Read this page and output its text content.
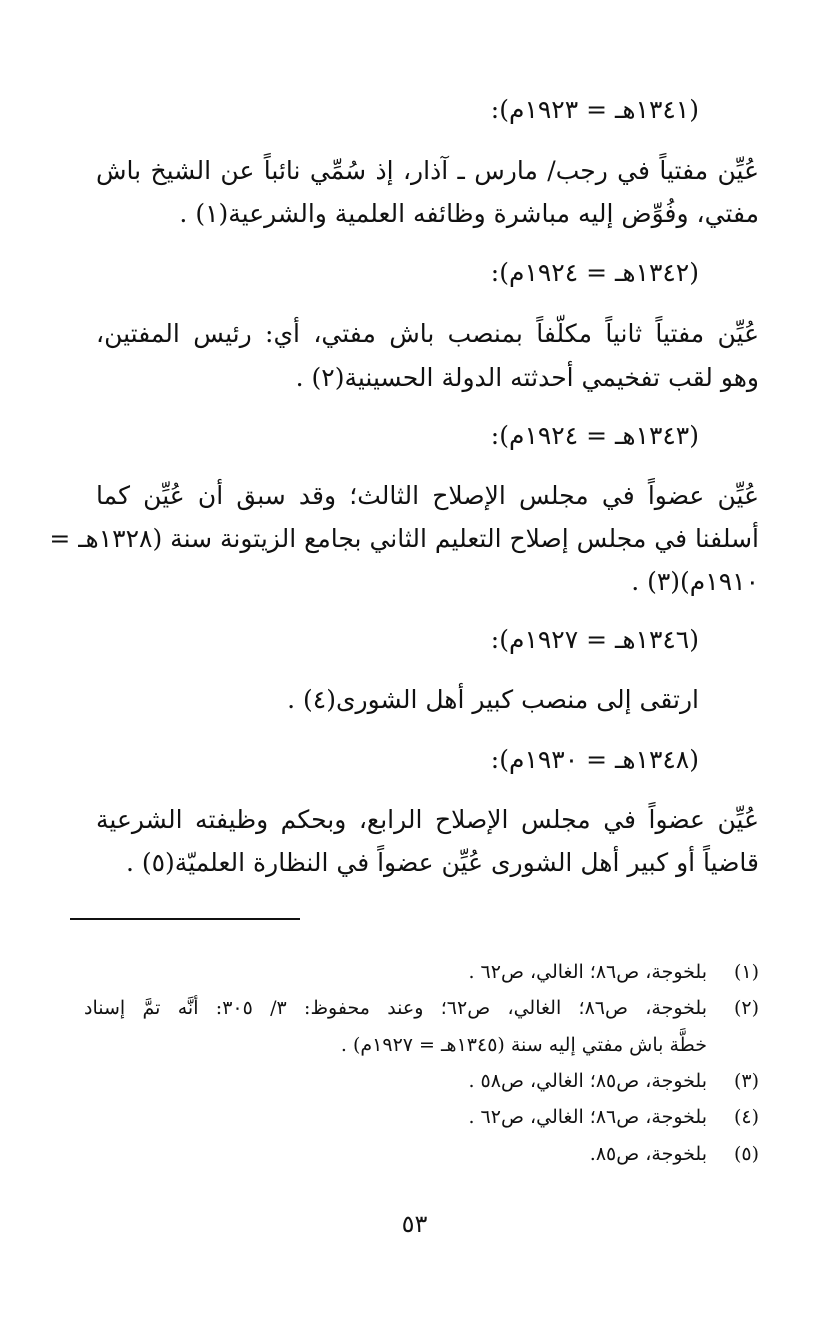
(١٣٤١هـ = ١٩٢٣م):
عُيِّن مفتياً في رجب/ مارس ـ آذار، إذ سُمِّي نائباً عن الشيخ باش
مفتي، وفُوِّض إليه مباشرة وظائفه العلمية والشرعية(١) .
(١٣٤٢هـ = ١٩٢٤م):
عُيِّن مفتياً ثانياً مكلّفاً بمنصب باش مفتي، أي: رئيس المفتين،
وهو لقب تفخيمي أحدثته الدولة الحسينية(٢) .
(١٣٤٣هـ = ١٩٢٤م):
عُيِّن عضواً في مجلس الإصلاح الثالث؛ وقد سبق أن عُيِّن كما
أسلفنا في مجلس إصلاح التعليم الثاني بجامع الزيتونة سنة (١٣٢٨هـ =
١٩١٠م)(٣) .
(١٣٤٦هـ = ١٩٢٧م):
ارتقى إلى منصب كبير أهل الشورى(٤) .
(١٣٤٨هـ = ١٩٣٠م):
عُيِّن عضواً في مجلس الإصلاح الرابع، وبحكم وظيفته الشرعية
قاضياً أو كبير أهل الشورى عُيِّن عضواً في النظارة العلميّة(٥) .
(١)بلخوجة، ص٨٦؛ الغالي، ص٦٢ .
(٢)بلخوجة، ص٨٦؛ الغالي، ص٦٢؛ وعند محفوظ: ٣/ ٣٠٥: أنَّه تمَّ إسناد
خطَّة باش مفتي إليه سنة (١٣٤٥هـ = ١٩٢٧م) .
(٣)بلخوجة، ص٨٥؛ الغالي، ص٥٨ .
(٤)بلخوجة، ص٨٦؛ الغالي، ص٦٢ .
(٥)بلخوجة، ص٨٥.
٥٣
